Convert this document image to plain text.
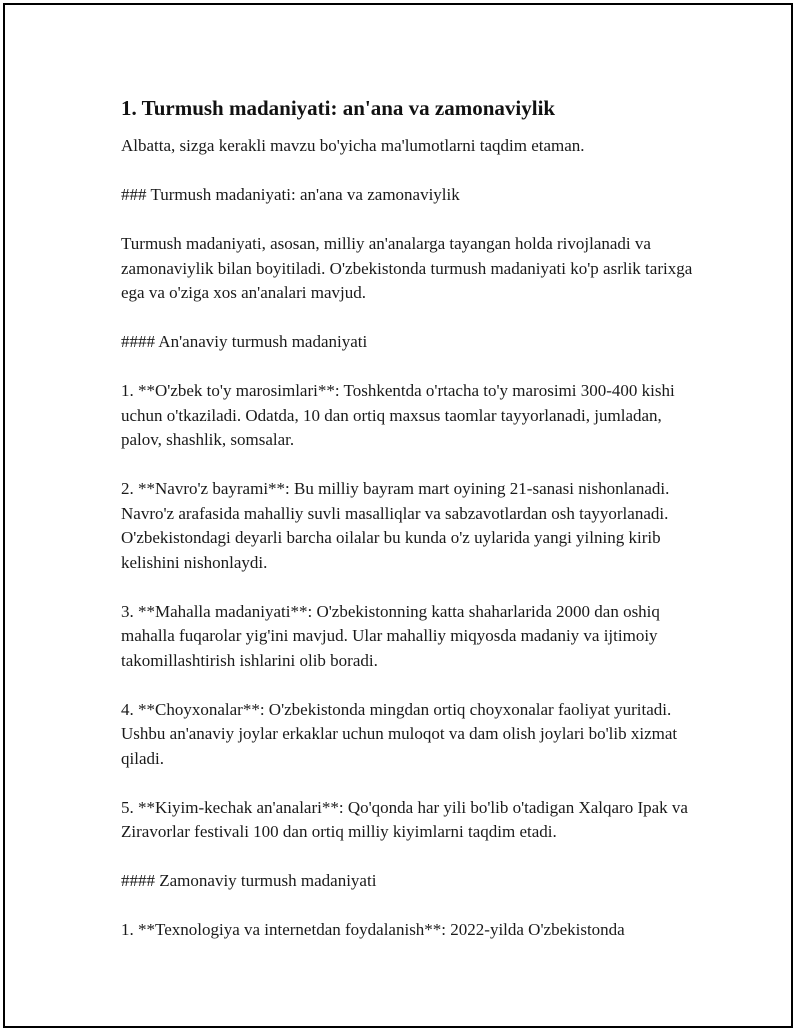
1. Turmush madaniyati: an'ana va zamonaviylik

Albatta, sizga kerakli mavzu bo'yicha ma'lumotlarni taqdim etaman.

### Turmush madaniyati: an'ana va zamonaviylik

Turmush madaniyati, asosan, milliy an'analarga tayangan holda rivojlanadi va zamonaviylik bilan boyitiladi. O'zbekistonda turmush madaniyati ko'p asrlik tarixga ega va o'ziga xos an'analari mavjud.

#### An'anaviy turmush madaniyati

1. **O'zbek to'y marosimlari**: Toshkentda o'rtacha to'y marosimi 300-400 kishi uchun o'tkaziladi. Odatda, 10 dan ortiq maxsus taomlar tayyorlanadi, jumladan, palov, shashlik, somsalar.

2. **Navro'z bayrami**: Bu milliy bayram mart oyining 21-sanasi nishonlanadi. Navro'z arafasida mahalliy suvli masalliqlar va sabzavotlardan osh tayyorlanadi. O'zbekistondagi deyarli barcha oilalar bu kunda o'z uylarida yangi yilning kirib kelishini nishonlaydi.

3. **Mahalla madaniyati**: O'zbekistonning katta shaharlarida 2000 dan oshiq mahalla fuqarolar yig'ini mavjud. Ular mahalliy miqyosda madaniy va ijtimoiy takomillashtirish ishlarini olib boradi.

4. **Choyxonalar**: O'zbekistonda mingdan ortiq choyxonalar faoliyat yuritadi. Ushbu an'anaviy joylar erkaklar uchun muloqot va dam olish joylari bo'lib xizmat qiladi.

5. **Kiyim-kechak an'analari**: Qo'qonda har yili bo'lib o'tadigan Xalqaro Ipak va Ziravorlar festivali 100 dan ortiq milliy kiyimlarni taqdim etadi.

#### Zamonaviy turmush madaniyati

1. **Texnologiya va internetdan foydalanish**: 2022-yilda O'zbekistonda
